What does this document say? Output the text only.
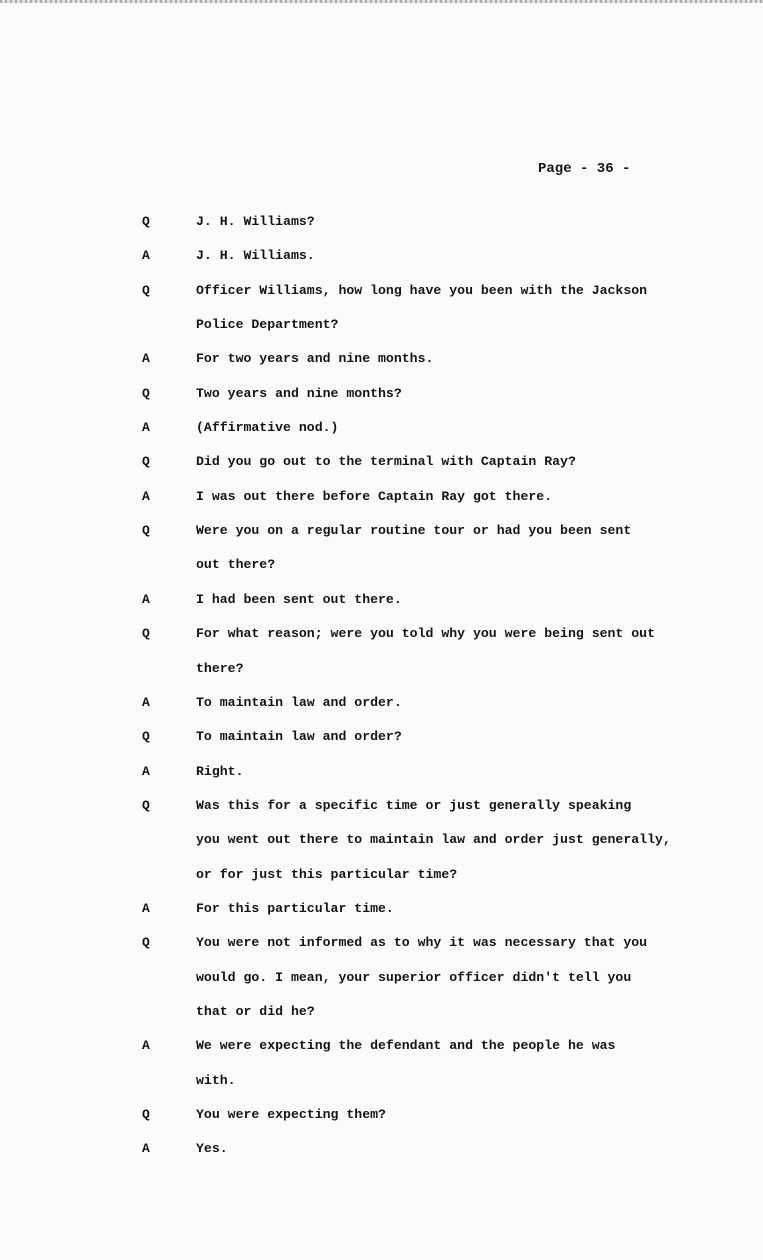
Page - 36 -
Q	J. H. Williams?
A	J. H. Williams.
Q	Officer Williams, how long have you been with the Jackson
Police Department?
A	For two years and nine months.
Q	Two years and nine months?
A	(Affirmative nod.)
Q	Did you go out to the terminal with Captain Ray?
A	I was out there before Captain Ray got there.
Q	Were you on a regular routine tour or had you been sent
out there?
A	I had been sent out there.
Q	For what reason; were you told why you were being sent out
there?
A	To maintain law and order.
Q	To maintain law and order?
A	Right.
Q	Was this for a specific time or just generally speaking
you went out there to maintain law and order just generally,
or for just this particular time?
A	For this particular time.
Q	You were not informed as to why it was necessary that you
would go. I mean, your superior officer didn't tell you
that or did he?
A	We were expecting the defendant and the people he was
with.
Q	You were expecting them?
A	Yes.
